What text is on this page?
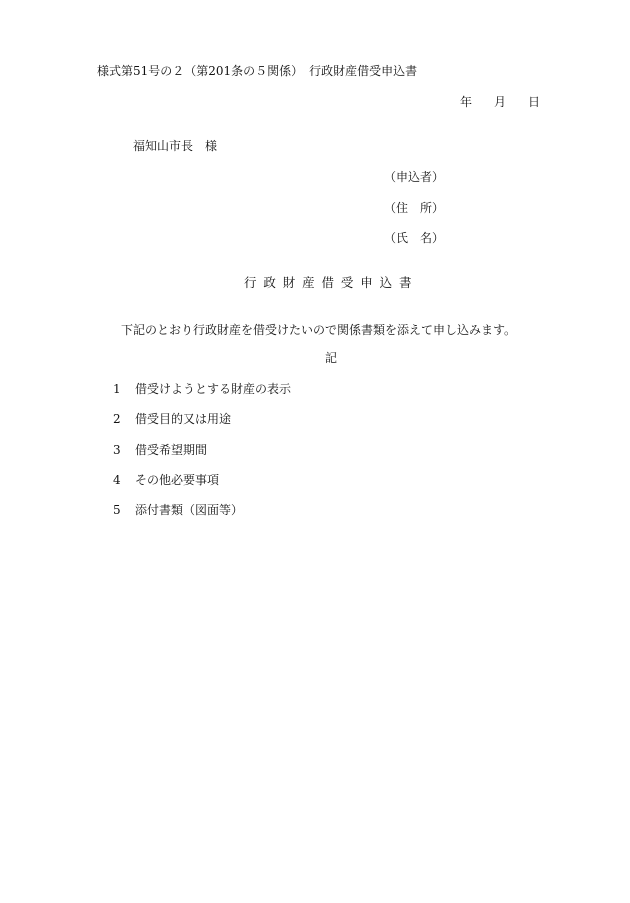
様式第51号の２（第201条の５関係）　行政財産借受申込書
年 月 日
福知山市長　様
（申込者）
（住　所）
（氏　名）
行政財産借受申込書
下記のとおり行政財産を借受けたいので関係書類を添えて申し込みます。
記
1 借受けようとする財産の表示
2 借受目的又は用途
3 借受希望期間
4 その他必要事項
5 添付書類（図面等）
